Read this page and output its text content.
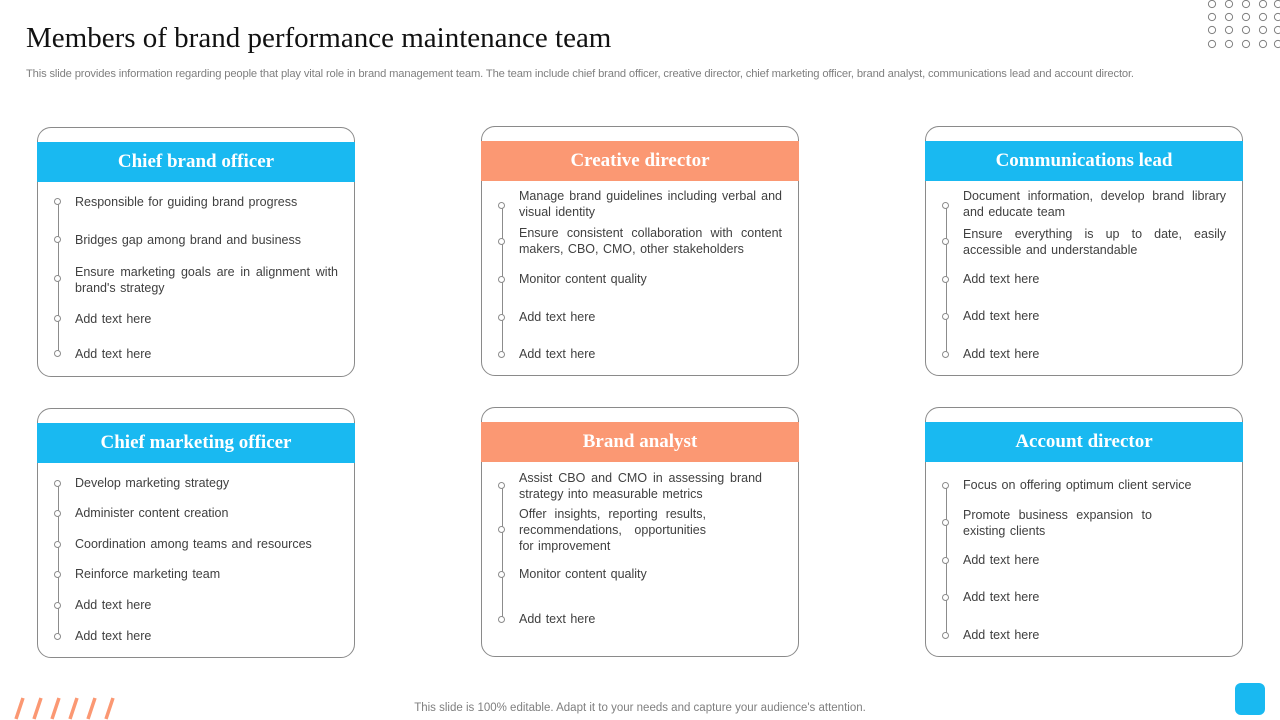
Members of brand performance maintenance team
This slide provides information regarding people that play vital role in brand management team. The team include chief brand officer, creative director, chief marketing officer, brand analyst, communications lead and account director.
Chief brand officer
Responsible for guiding brand progress
Bridges gap among brand and business
Ensure marketing goals are in alignment with brand's strategy
Add text here
Add text here
Creative director
Manage brand guidelines including verbal and visual identity
Ensure consistent collaboration with content makers, CBO, CMO, other stakeholders
Monitor content quality
Add text here
Add text here
Communications lead
Document information, develop brand library and educate team
Ensure everything is up to date, easily accessible and understandable
Add text here
Add text here
Add text here
Chief marketing officer
Develop marketing strategy
Administer content creation
Coordination among teams and resources
Reinforce marketing team
Add text here
Add text here
Brand analyst
Assist CBO and CMO in assessing brand strategy into measurable metrics
Offer insights, reporting results, recommendations, opportunities for improvement
Monitor content quality
Add text here
Account director
Focus on offering optimum client service
Promote business expansion to existing clients
Add text here
Add text here
Add text here
This slide is 100% editable. Adapt it to your needs and capture your audience's attention.
